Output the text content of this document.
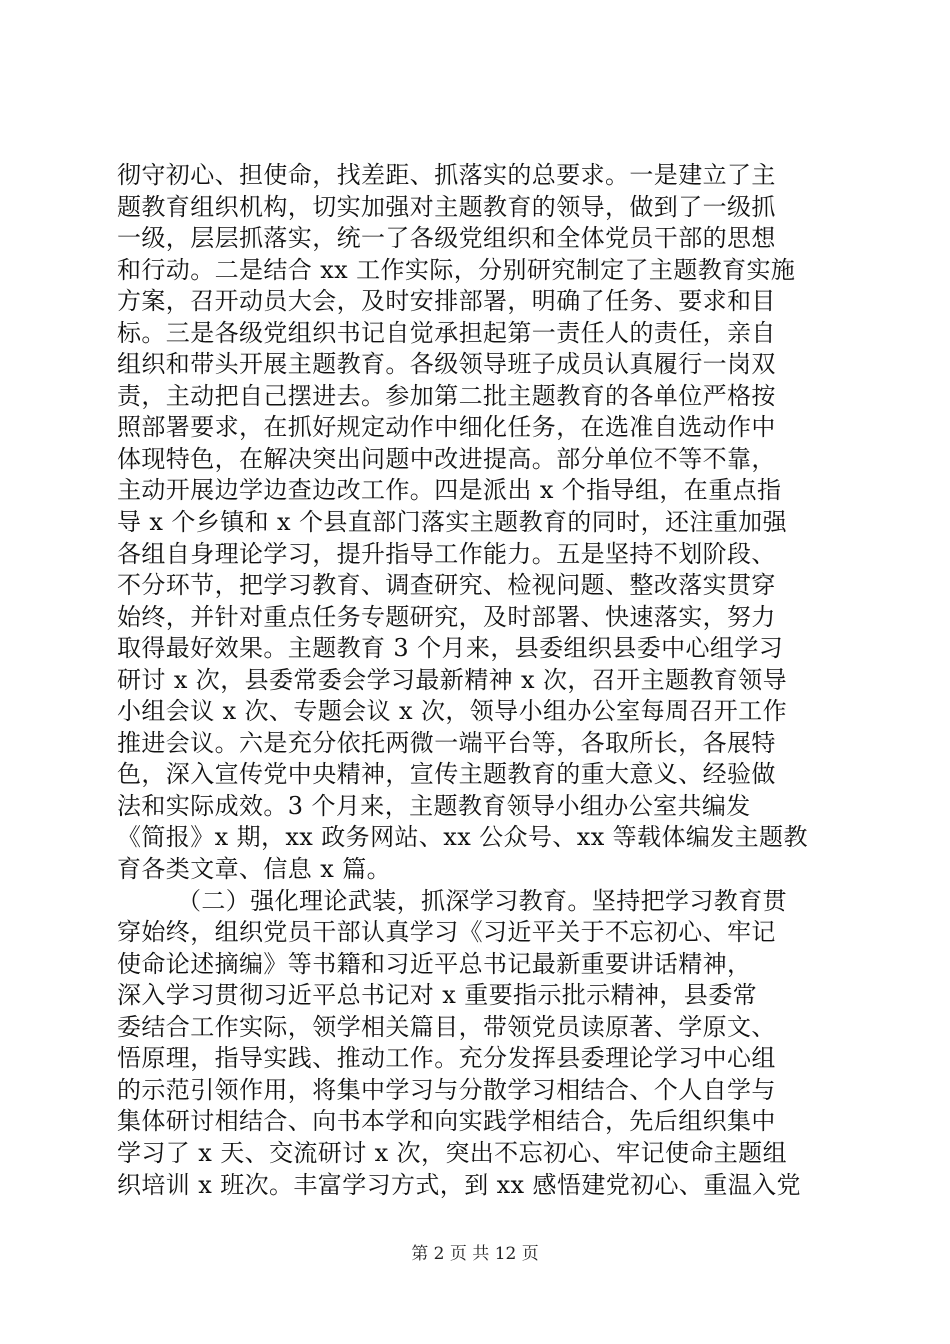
彻守初心、担使命，找差距、抓落实的总要求。一是建立了主
题教育组织机构，切实加强对主题教育的领导，做到了一级抓
一级，层层抓落实，统一了各级党组织和全体党员干部的思想
和行动。二是结合 xx 工作实际，分别研究制定了主题教育实施
方案，召开动员大会，及时安排部署，明确了任务、要求和目
标。三是各级党组织书记自觉承担起第一责任人的责任，亲自
组织和带头开展主题教育。各级领导班子成员认真履行一岗双
责，主动把自己摆进去。参加第二批主题教育的各单位严格按
照部署要求，在抓好规定动作中细化任务，在选准自选动作中
体现特色，在解决突出问题中改进提高。部分单位不等不靠，
主动开展边学边查边改工作。四是派出 x 个指导组，在重点指
导 x 个乡镇和 x 个县直部门落实主题教育的同时，还注重加强
各组自身理论学习，提升指导工作能力。五是坚持不划阶段、
不分环节，把学习教育、调查研究、检视问题、整改落实贯穿
始终，并针对重点任务专题研究，及时部署、快速落实，努力
取得最好效果。主题教育 3 个月来，县委组织县委中心组学习
研讨 x 次，县委常委会学习最新精神 x 次，召开主题教育领导
小组会议 x 次、专题会议 x 次，领导小组办公室每周召开工作
推进会议。六是充分依托两微一端平台等，各取所长，各展特
色，深入宣传党中央精神，宣传主题教育的重大意义、经验做
法和实际成效。3 个月来，主题教育领导小组办公室共编发
《简报》x 期，xx 政务网站、xx 公众号、xx 等载体编发主题教
育各类文章、信息 x 篇。
（二）强化理论武装，抓深学习教育。坚持把学习教育贯
穿始终，组织党员干部认真学习《习近平关于不忘初心、牢记
使命论述摘编》等书籍和习近平总书记最新重要讲话精神，
深入学习贯彻习近平总书记对 x 重要指示批示精神，县委常
委结合工作实际，领学相关篇目，带领党员读原著、学原文、
悟原理，指导实践、推动工作。充分发挥县委理论学习中心组
的示范引领作用，将集中学习与分散学习相结合、个人自学与
集体研讨相结合、向书本学和向实践学相结合，先后组织集中
学习了 x 天、交流研讨 x 次，突出不忘初心、牢记使命主题组
织培训 x 班次。丰富学习方式，到 xx 感悟建党初心、重温入党
第 2 页 共 12 页
